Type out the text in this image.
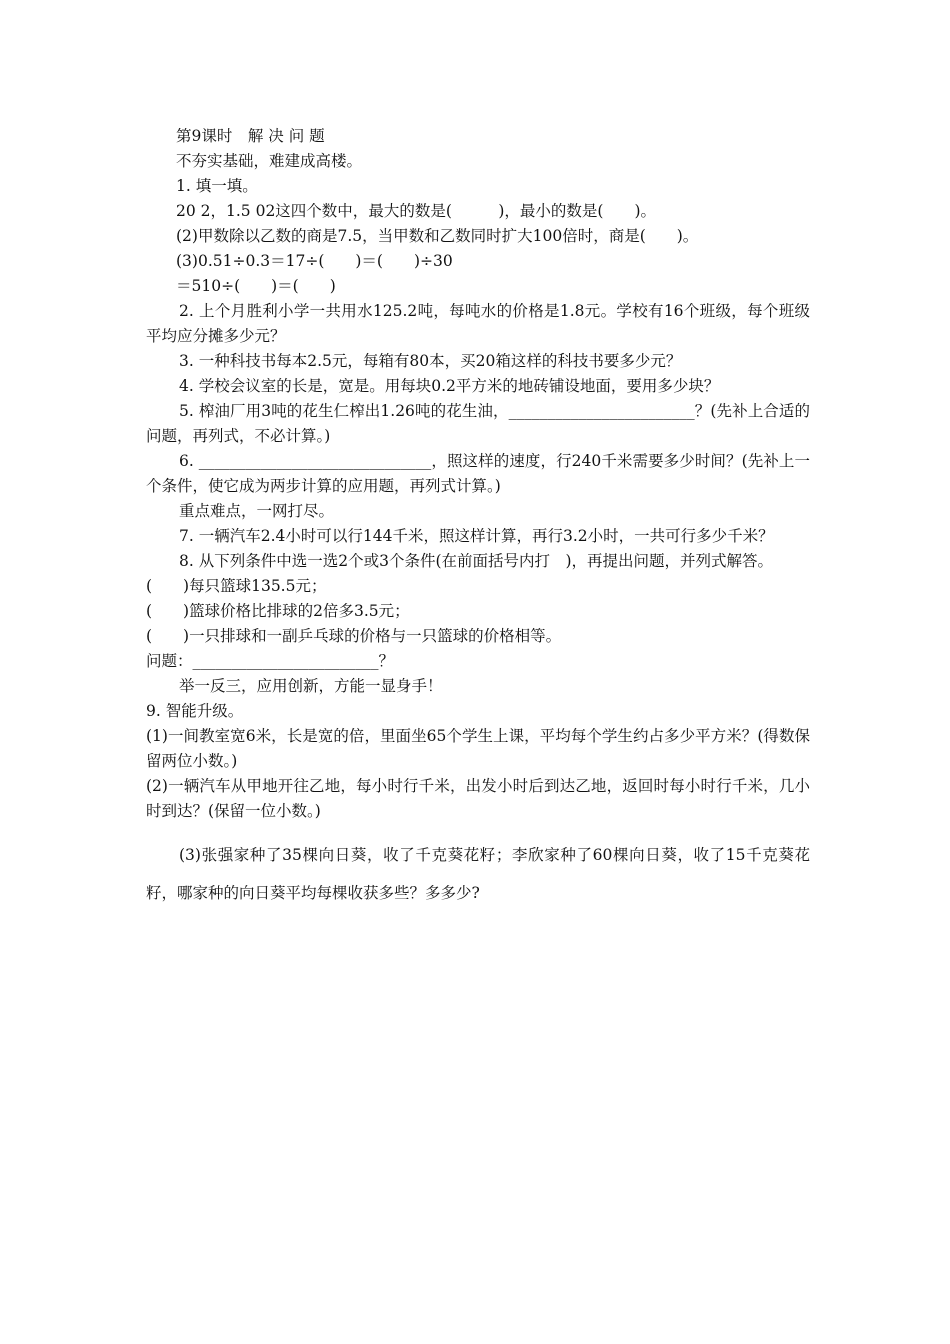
第9课时　解 决 问 题
不夯实基础，难建成高楼。
1. 填一填。
20 2，1.5 02这四个数中，最大的数是(　　　)，最小的数是(　　)。
(2)甲数除以乙数的商是7.5，当甲数和乙数同时扩大100倍时，商是(　　)。
(3)0.51÷0.3＝17÷(　　)＝(　　)÷30
＝510÷(　　)＝(　　)
2. 上个月胜利小学一共用水125.2吨，每吨水的价格是1.8元。学校有16个班级，每个班级平均应分摊多少元？
3. 一种科技书每本2.5元，每箱有80本，买20箱这样的科技书要多少元？
4. 学校会议室的长是，宽是。用每块0.2平方米的地砖铺设地面，要用多少块？
5. 榨油厂用3吨的花生仁榨出1.26吨的花生油，________________________？(先补上合适的问题，再列式，不必计算。)
6. ______________________________，照这样的速度，行240千米需要多少时间？(先补上一个条件，使它成为两步计算的应用题，再列式计算。)
重点难点，一网打尽。
7. 一辆汽车2.4小时可以行144千米，照这样计算，再行3.2小时，一共可行多少千米？
8. 从下列条件中选一选2个或3个条件(在前面括号内打　)，再提出问题，并列式解答。
(　　)每只篮球135.5元；
(　　)篮球价格比排球的2倍多3.5元；
(　　)一只排球和一副乒乓球的价格与一只篮球的价格相等。
问题：________________________？
举一反三，应用创新，方能一显身手！
9. 智能升级。
(1)一间教室宽6米，长是宽的倍，里面坐65个学生上课，平均每个学生约占多少平方米？(得数保留两位小数。)
(2)一辆汽车从甲地开往乙地，每小时行千米，出发小时后到达乙地，返回时每小时行千米，几小时到达？(保留一位小数。)
(3)张强家种了35棵向日葵，收了千克葵花籽；李欣家种了60棵向日葵，收了15千克葵花籽，哪家种的向日葵平均每棵收获多些？多多少?
